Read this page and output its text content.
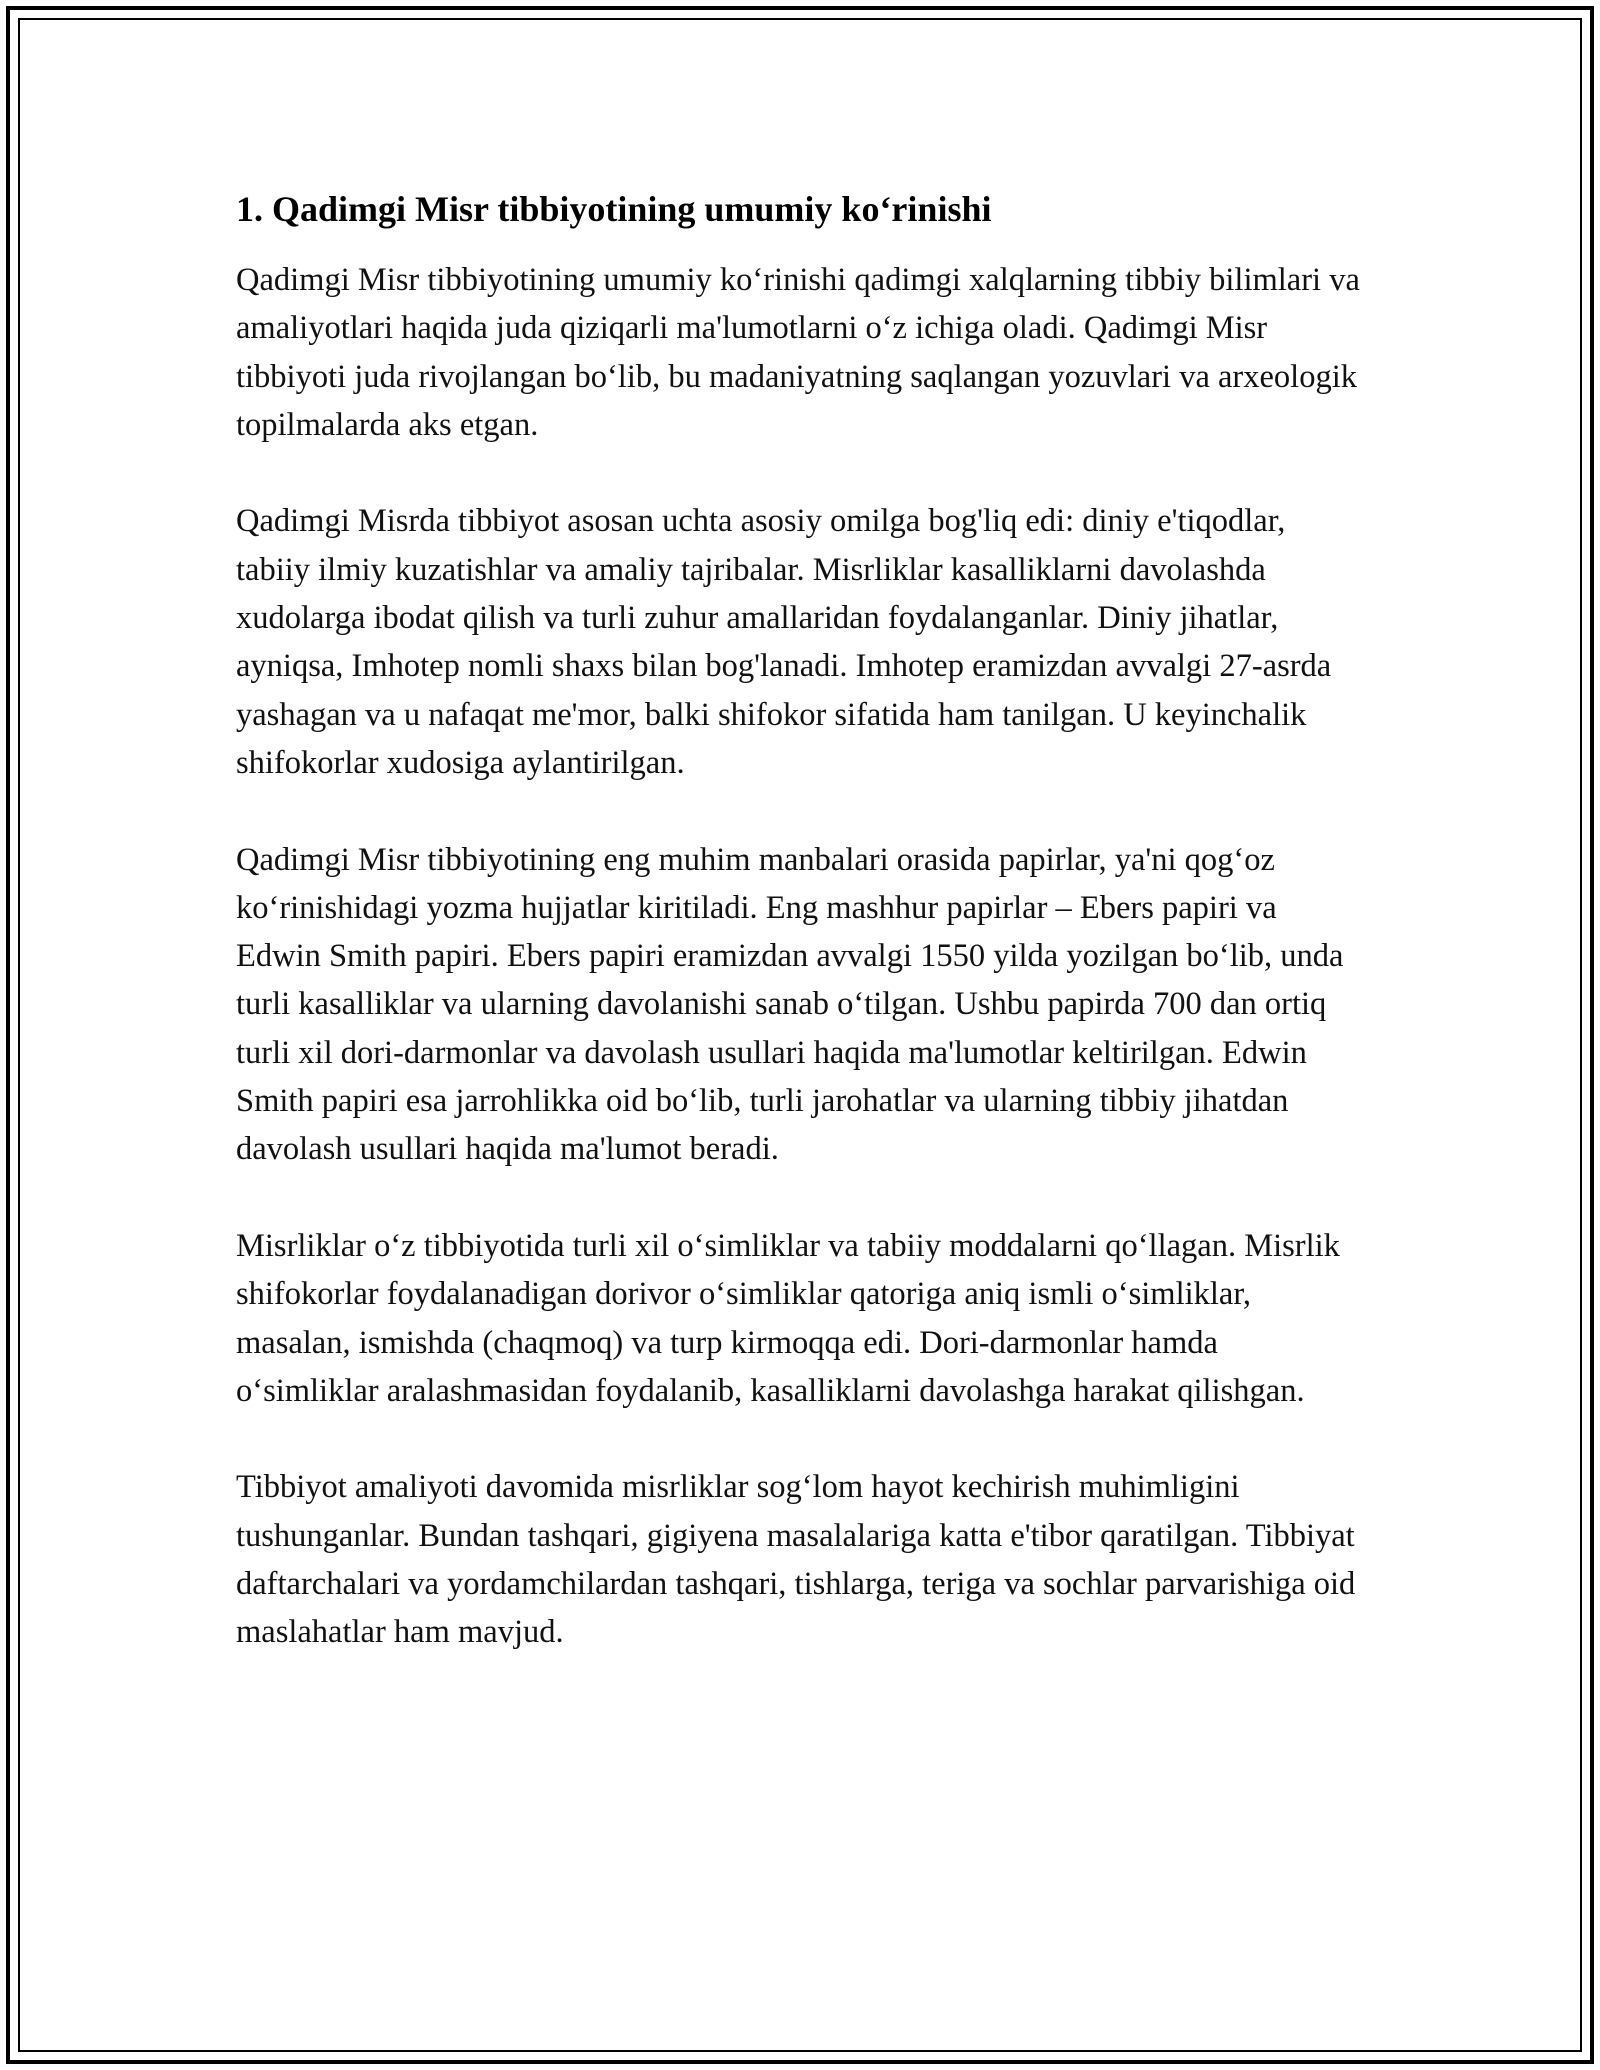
1. Qadimgi Misr tibbiyotining umumiy ko‘rinishi

Qadimgi Misr tibbiyotining umumiy ko‘rinishi qadimgi xalqlarning tibbiy bilimlari va amaliyotlari haqida juda qiziqarli ma'lumotlarni o‘z ichiga oladi. Qadimgi Misr tibbiyoti juda rivojlangan bo‘lib, bu madaniyatning saqlangan yozuvlari va arxeologik topilmalarda aks etgan.

Qadimgi Misrda tibbiyot asosan uchta asosiy omilga bog'liq edi: diniy e'tiqodlar, tabiiy ilmiy kuzatishlar va amaliy tajribalar. Misrliklar kasalliklarni davolashda xudolarga ibodat qilish va turli zuhur amallaridan foydalanganlar. Diniy jihatlar, ayniqsa, Imhotep nomli shaxs bilan bog'lanadi. Imhotep eramizdan avvalgi 27-asrda yashagan va u nafaqat me'mor, balki shifokor sifatida ham tanilgan. U keyinchalik shifokorlar xudosiga aylantirilgan.

Qadimgi Misr tibbiyotining eng muhim manbalari orasida papirlar, ya'ni qog‘oz ko‘rinishidagi yozma hujjatlar kiritiladi. Eng mashhur papirlar – Ebers papiri va Edwin Smith papiri. Ebers papiri eramizdan avvalgi 1550 yilda yozilgan bo‘lib, unda turli kasalliklar va ularning davolanishi sanab o‘tilgan. Ushbu papirda 700 dan ortiq turli xil dori-darmonlar va davolash usullari haqida ma'lumotlar keltirilgan. Edwin Smith papiri esa jarrohlikka oid bo‘lib, turli jarohatlar va ularning tibbiy jihatdan davolash usullari haqida ma'lumot beradi.

Misrliklar o‘z tibbiyotida turli xil o‘simliklar va tabiiy moddalarni qo‘llagan. Misrlik shifokorlar foydalanadigan dorivor o‘simliklar qatoriga aniq ismli o‘simliklar, masalan, ismishda (chaqmoq) va turp kirmoqqa edi. Dori-darmonlar hamda o‘simliklar aralashmasidan foydalanib, kasalliklarni davolashga harakat qilishgan.

Tibbiyot amaliyoti davomida misrliklar sog‘lom hayot kechirish muhimligini tushunganlar. Bundan tashqari, gigiyena masalalariga katta e'tibor qaratilgan. Tibbiyat daftarchalari va yordamchilardan tashqari, tishlarga, teriga va sochlar parvarishiga oid maslahatlar ham mavjud.
